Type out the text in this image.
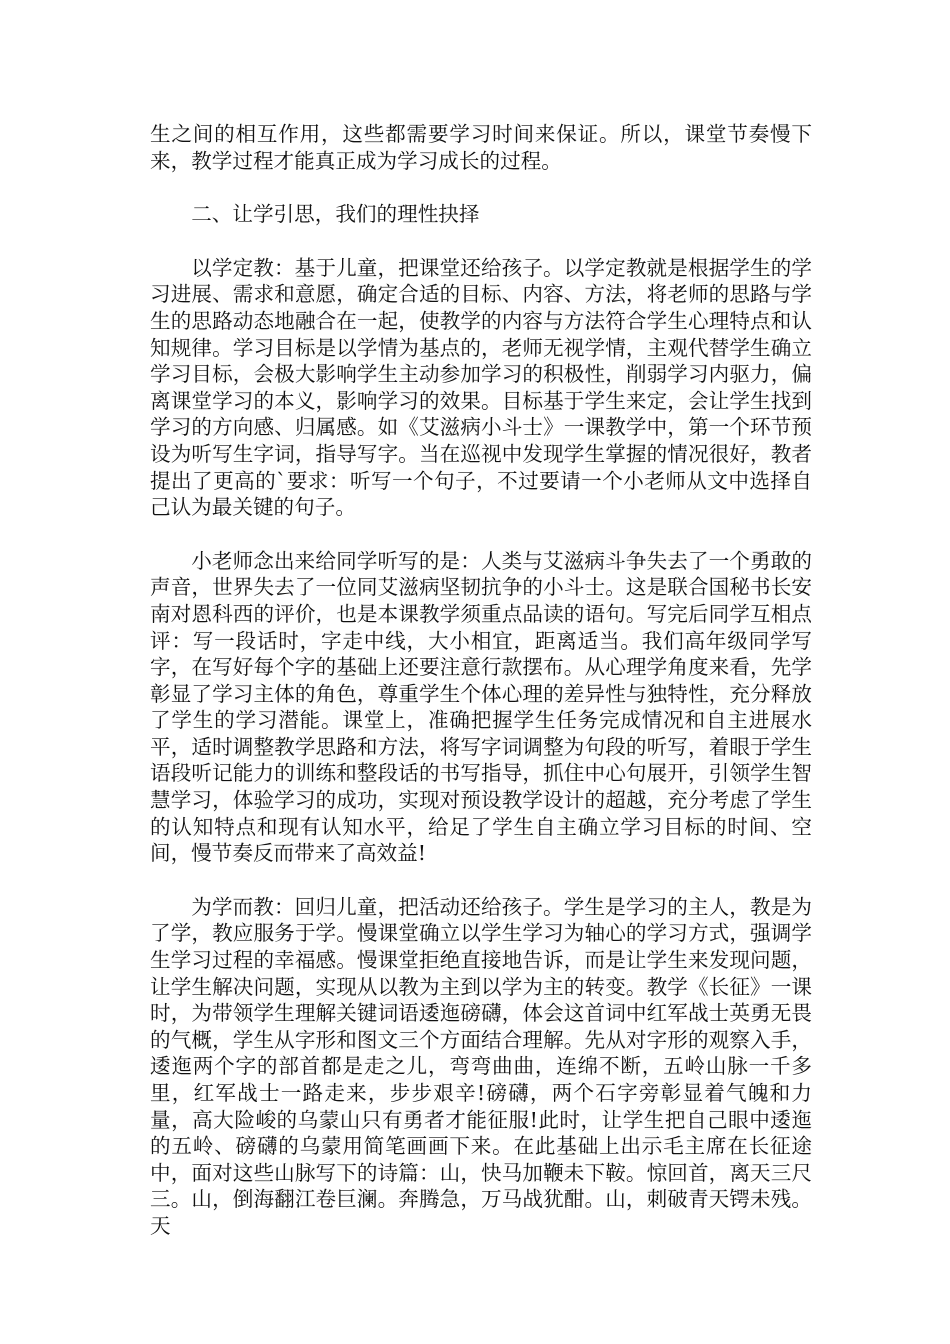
生之间的相互作用，这些都需要学习时间来保证。所以，课堂节奏慢下来，教学过程才能真正成为学习成长的过程。

二、让学引思，我们的理性抉择

以学定教：基于儿童，把课堂还给孩子。以学定教就是根据学生的学习进展、需求和意愿，确定合适的目标、内容、方法，将老师的思路与学生的思路动态地融合在一起，使教学的内容与方法符合学生心理特点和认知规律。学习目标是以学情为基点的，老师无视学情，主观代替学生确立学习目标，会极大影响学生主动参加学习的积极性，削弱学习内驱力，偏离课堂学习的本义，影响学习的效果。目标基于学生来定，会让学生找到学习的方向感、归属感。如《艾滋病小斗士》一课教学中，第一个环节预设为听写生字词，指导写字。当在巡视中发现学生掌握的情况很好，教者提出了更高的`要求：听写一个句子，不过要请一个小老师从文中选择自己认为最关键的句子。

小老师念出来给同学听写的是：人类与艾滋病斗争失去了一个勇敢的声音，世界失去了一位同艾滋病坚韧抗争的小斗士。这是联合国秘书长安南对恩科西的评价，也是本课教学须重点品读的语句。写完后同学互相点评：写一段话时，字走中线，大小相宜，距离适当。我们高年级同学写字，在写好每个字的基础上还要注意行款摆布。从心理学角度来看，先学彰显了学习主体的角色，尊重学生个体心理的差异性与独特性，充分释放了学生的学习潜能。课堂上，准确把握学生任务完成情况和自主进展水平，适时调整教学思路和方法，将写字词调整为句段的听写，着眼于学生语段听记能力的训练和整段话的书写指导，抓住中心句展开，引领学生智慧学习，体验学习的成功，实现对预设教学设计的超越，充分考虑了学生的认知特点和现有认知水平，给足了学生自主确立学习目标的时间、空间，慢节奏反而带来了高效益!

为学而教：回归儿童，把活动还给孩子。学生是学习的主人，教是为了学，教应服务于学。慢课堂确立以学生学习为轴心的学习方式，强调学生学习过程的幸福感。慢课堂拒绝直接地告诉，而是让学生来发现问题，让学生解决问题，实现从以教为主到以学为主的转变。教学《长征》一课时，为带领学生理解关键词语逶迤磅礴，体会这首词中红军战士英勇无畏的气概，学生从字形和图文三个方面结合理解。先从对字形的观察入手，逶迤两个字的部首都是走之儿，弯弯曲曲，连绵不断，五岭山脉一千多里，红军战士一路走来，步步艰辛!磅礴，两个石字旁彰显着气魄和力量，高大险峻的乌蒙山只有勇者才能征服!此时，让学生把自己眼中逶迤的五岭、磅礴的乌蒙用简笔画画下来。在此基础上出示毛主席在长征途中，面对这些山脉写下的诗篇：山，快马加鞭未下鞍。惊回首，离天三尺三。山，倒海翻江卷巨澜。奔腾急，万马战犹酣。山，刺破青天锷未残。天
